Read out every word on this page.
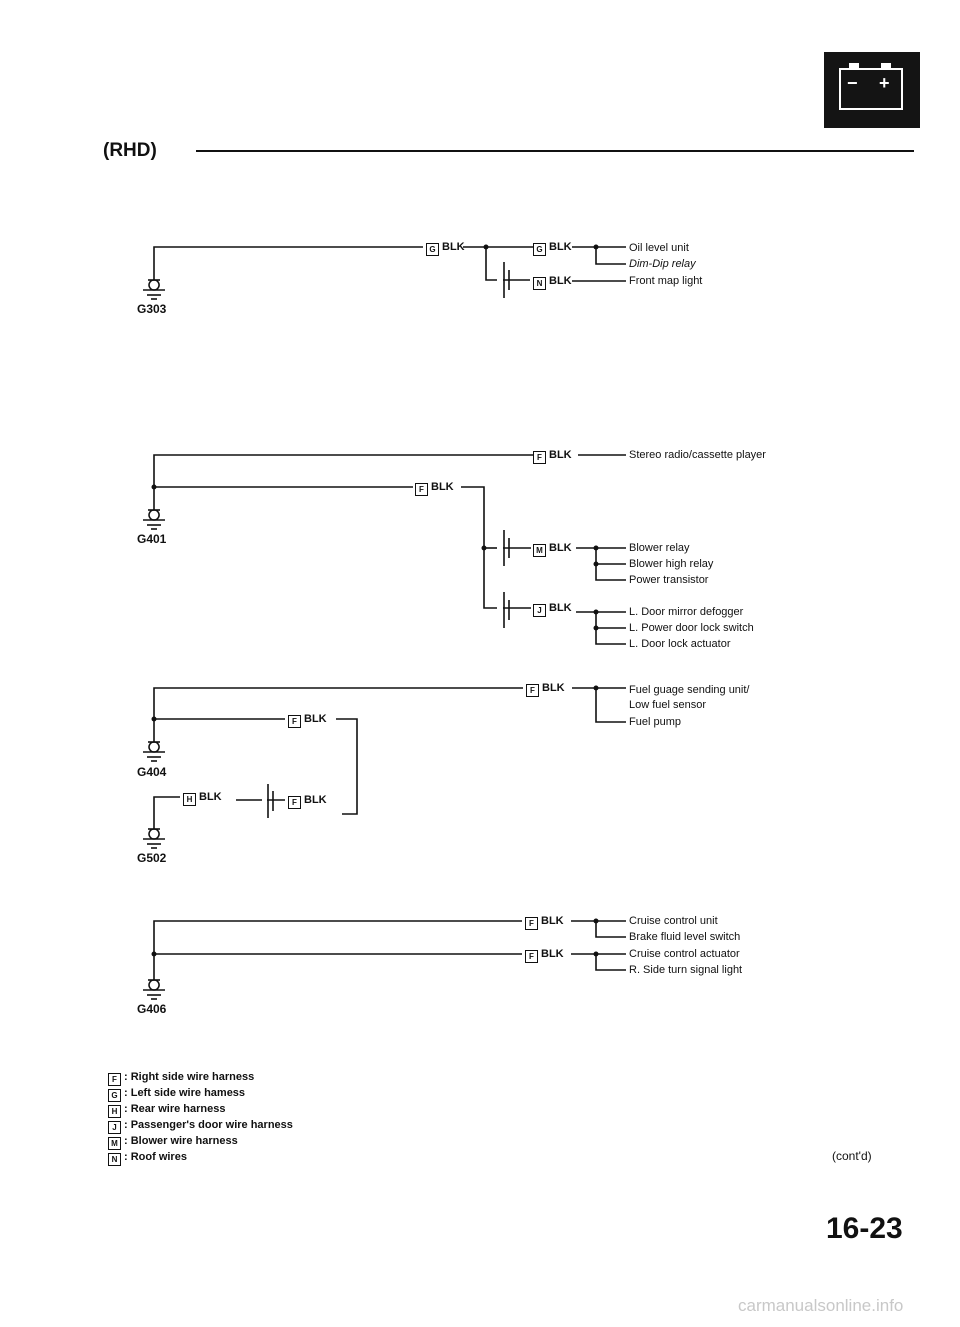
(RHD)
− +
G303
G401
G404
G502
G406
G BLK	G BLK
N BLK
Oil level unit
Dim-Dip relay
Front map light
F BLK	Stereo radio/cassette player
F BLK
M BLK	Blower relay
Blower high relay
Power transistor
J BLK	L. Door mirror defogger
L. Power door lock switch
L. Door lock actuator
F BLK	Fuel guage sending unit/
Low fuel sensor
Fuel pump
F BLK
H BLK	F BLK
F BLK	Cruise control unit
Brake fluid level switch
F BLK	Cruise control actuator
R. Side turn signal light
F : Right side wire harness
G : Left side wire hamess
H : Rear wire harness
J : Passenger's door wire harness
M : Blower wire harness
N : Roof wires	(cont'd)
16-23
carmanualsonline.info
